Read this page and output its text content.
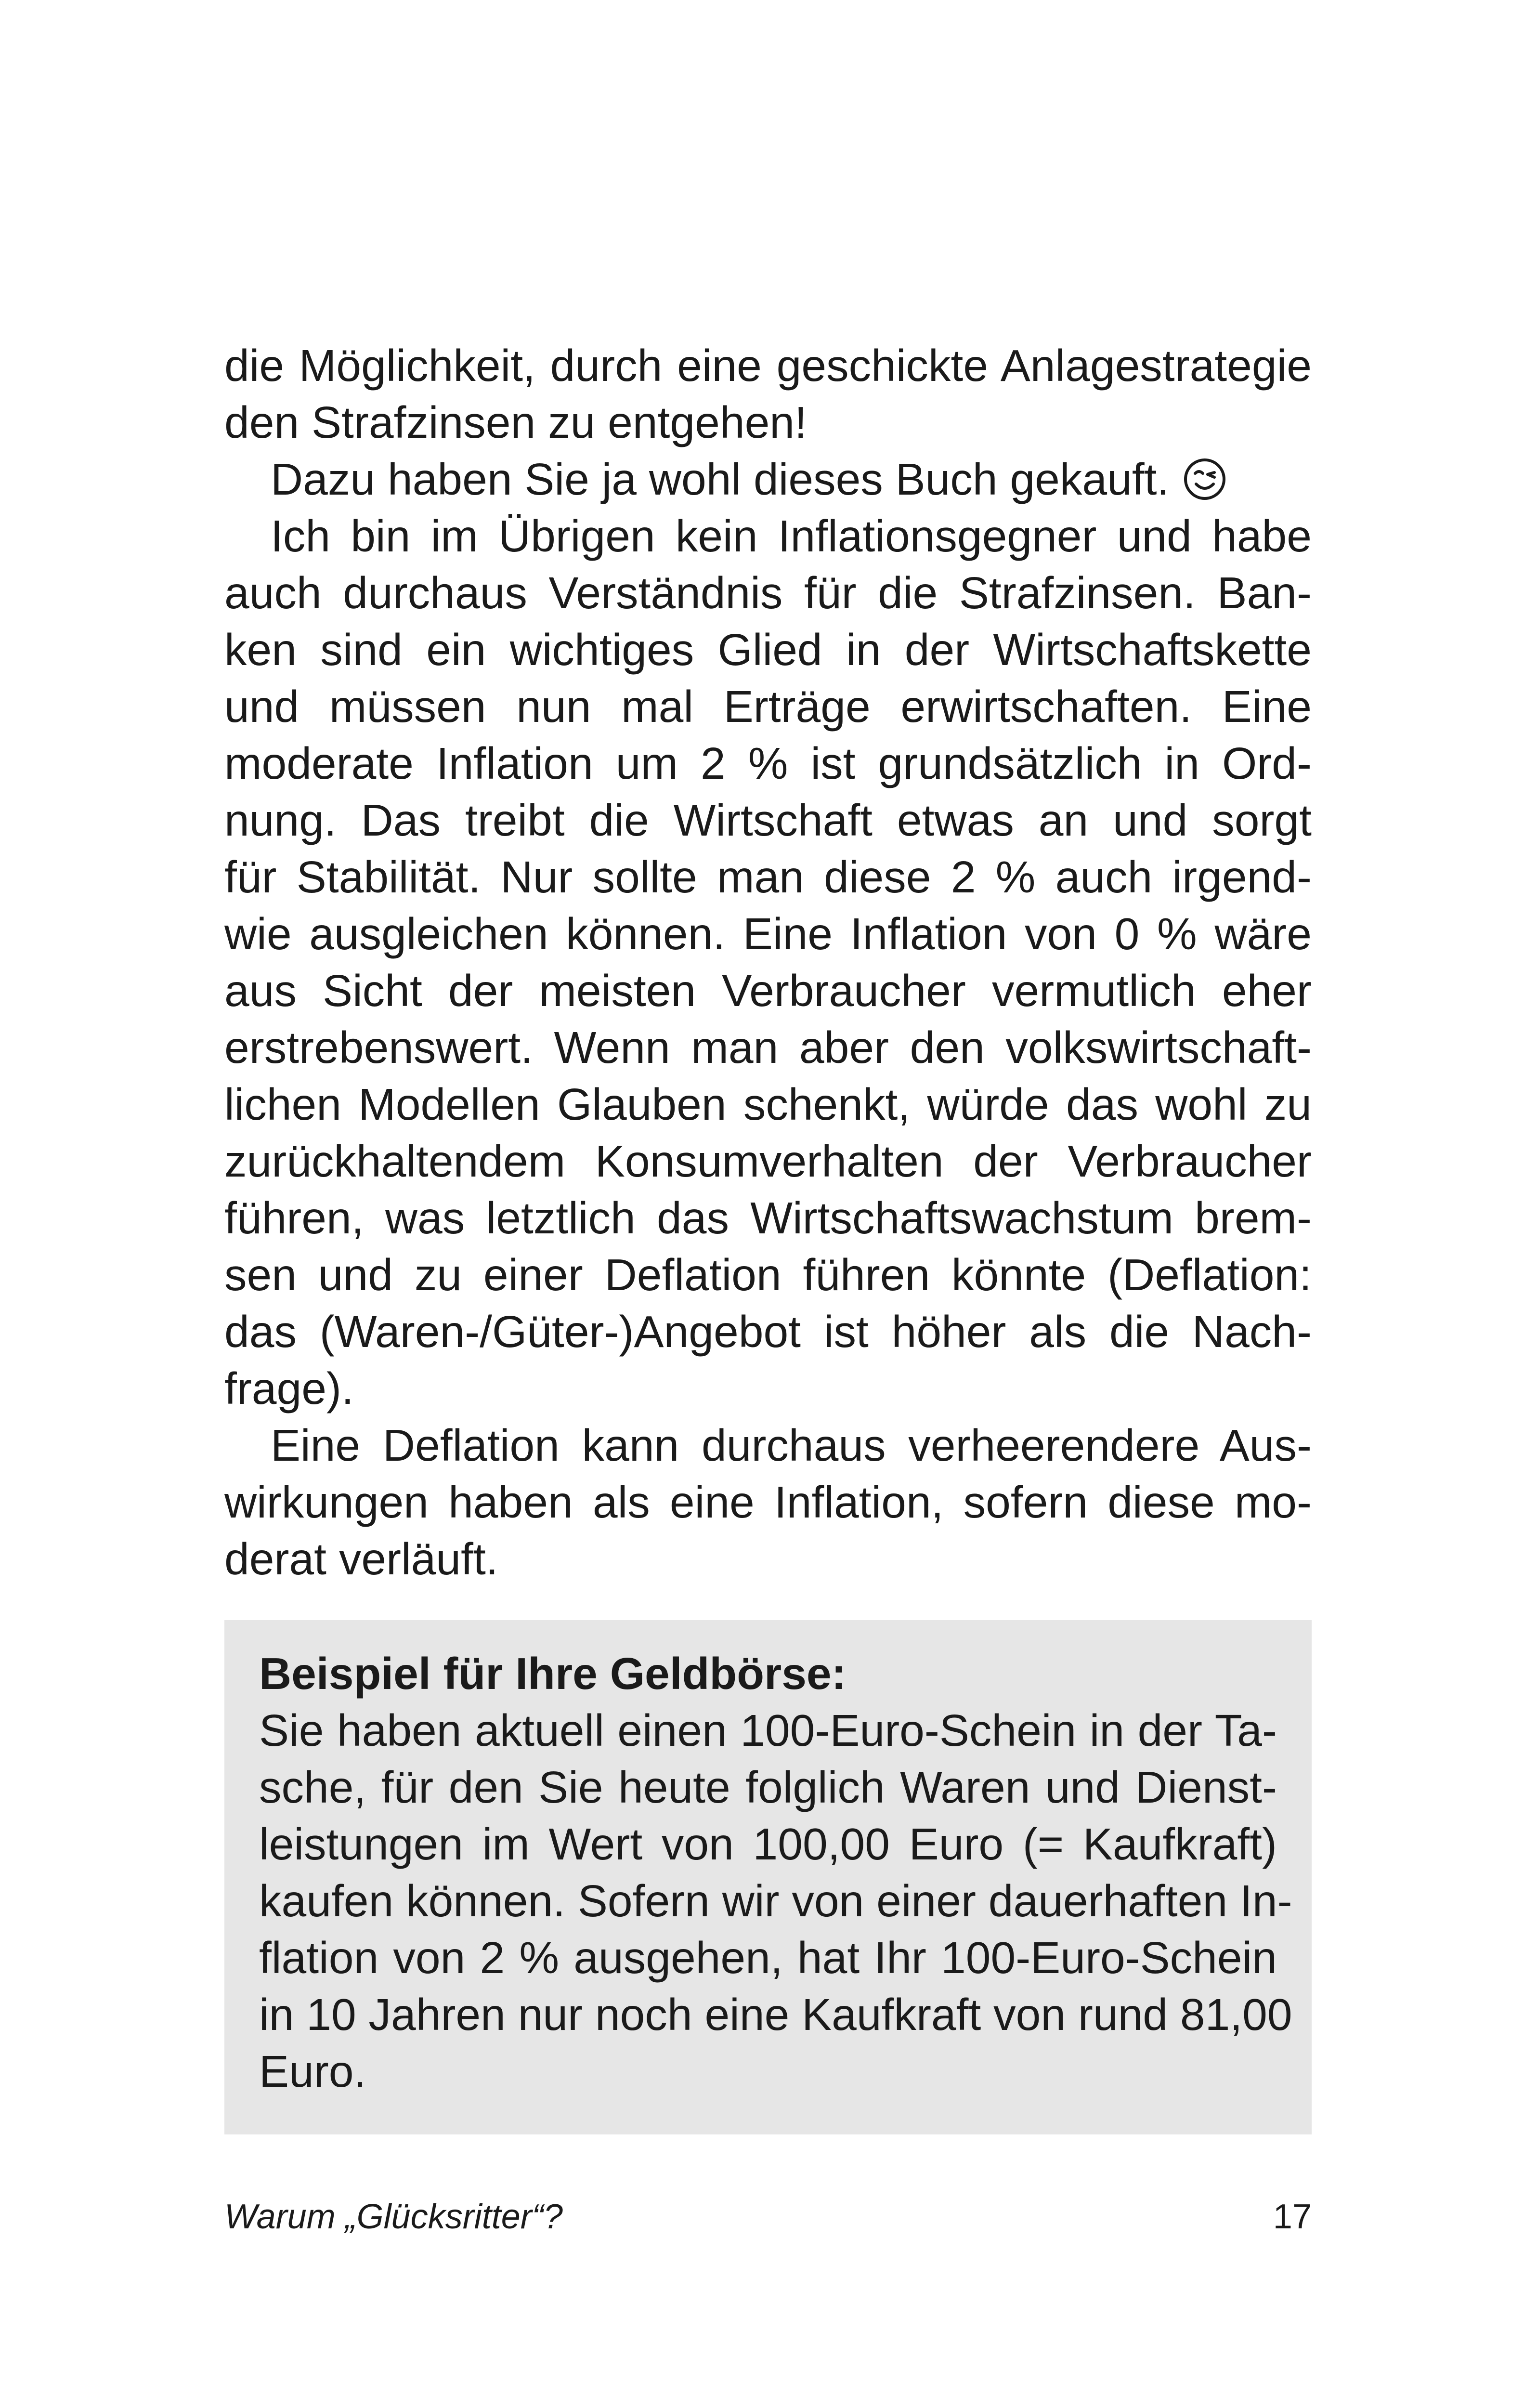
die Möglichkeit, durch eine geschickte Anlagestrategie
den Strafzinsen zu entgehen!
Dazu haben Sie ja wohl dieses Buch gekauft.
Ich bin im Übrigen kein Inflationsgegner und habe
auch durchaus Verständnis für die Strafzinsen. Ban-
ken sind ein wichtiges Glied in der Wirtschaftskette
und müssen nun mal Erträge erwirtschaften. Eine
moderate Inflation um 2 % ist grundsätzlich in Ord-
nung. Das treibt die Wirtschaft etwas an und sorgt
für Stabilität. Nur sollte man diese 2 % auch irgend-
wie ausgleichen können. Eine Inflation von 0 % wäre
aus Sicht der meisten Verbraucher vermutlich eher
erstrebenswert. Wenn man aber den volkswirtschaft-
lichen Modellen Glauben schenkt, würde das wohl zu
zurückhaltendem Konsumverhalten der Verbraucher
führen, was letztlich das Wirtschaftswachstum brem-
sen und zu einer Deflation führen könnte (Deflation:
das (Waren-/Güter-)Angebot ist höher als die Nach-
frage).
Eine Deflation kann durchaus verheerendere Aus-
wirkungen haben als eine Inflation, sofern diese mo-
derat verläuft.
Beispiel für Ihre Geldbörse:
Sie haben aktuell einen 100-Euro-Schein in der Ta-
sche, für den Sie heute folglich Waren und Dienst-
leistungen im Wert von 100,00 Euro (= Kaufkraft)
kaufen können. Sofern wir von einer dauerhaften In-
flation von 2 % ausgehen, hat Ihr 100-Euro-Schein
in 10 Jahren nur noch eine Kaufkraft von rund 81,00
Euro.
Warum „Glücksritter“?	17
